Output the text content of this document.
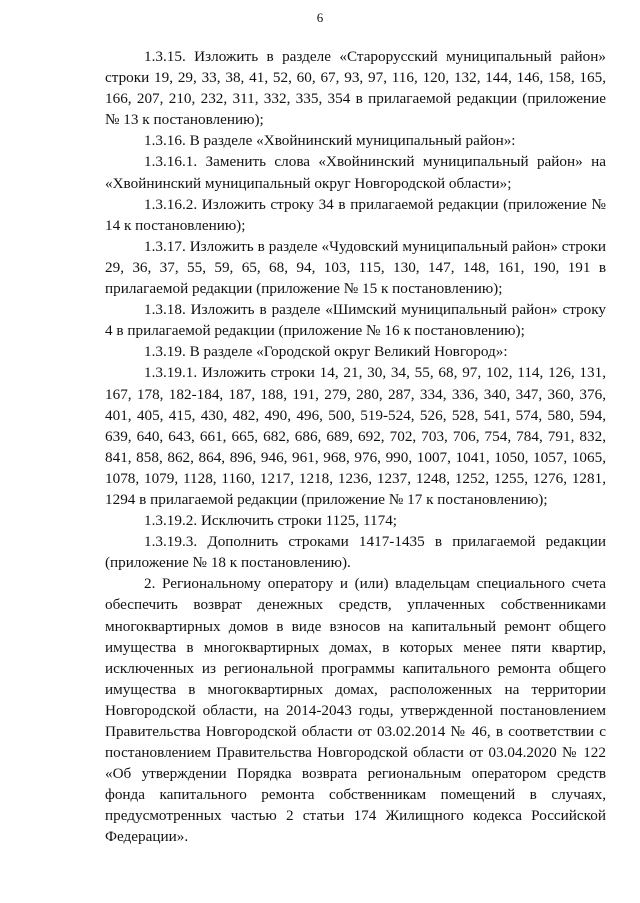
6

1.3.15. Изложить в разделе «Старорусский муниципальный район» строки 19, 29, 33, 38, 41, 52, 60, 67, 93, 97, 116, 120, 132, 144, 146, 158, 165, 166, 207, 210, 232, 311, 332, 335, 354 в прилагаемой редакции (приложение № 13 к постановлению);

1.3.16. В разделе «Хвойнинский муниципальный район»:

1.3.16.1. Заменить слова «Хвойнинский муниципальный район» на «Хвойнинский муниципальный округ Новгородской области»;

1.3.16.2. Изложить строку 34 в прилагаемой редакции (приложение № 14 к постановлению);

1.3.17. Изложить в разделе «Чудовский муниципальный район» строки 29, 36, 37, 55, 59, 65, 68, 94, 103, 115, 130, 147, 148, 161, 190, 191 в прилагаемой редакции (приложение № 15 к постановлению);

1.3.18. Изложить в разделе «Шимский муниципальный район» строку 4 в прилагаемой редакции (приложение № 16 к постановлению);

1.3.19. В разделе «Городской округ Великий Новгород»:

1.3.19.1. Изложить строки 14, 21, 30, 34, 55, 68, 97, 102, 114, 126, 131, 167, 178, 182-184, 187, 188, 191, 279, 280, 287, 334, 336, 340, 347, 360, 376, 401, 405, 415, 430, 482, 490, 496, 500, 519-524, 526, 528, 541, 574, 580, 594, 639, 640, 643, 661, 665, 682, 686, 689, 692, 702, 703, 706, 754, 784, 791, 832, 841, 858, 862, 864, 896, 946, 961, 968, 976, 990, 1007, 1041, 1050, 1057, 1065, 1078, 1079, 1128, 1160, 1217, 1218, 1236, 1237, 1248, 1252, 1255, 1276, 1281, 1294 в прилагаемой редакции (приложение № 17 к постановлению);

1.3.19.2. Исключить строки 1125, 1174;

1.3.19.3. Дополнить строками 1417-1435 в прилагаемой редакции (приложение № 18 к постановлению).

2. Региональному оператору и (или) владельцам специального счета обеспечить возврат денежных средств, уплаченных собственниками многоквартирных домов в виде взносов на капитальный ремонт общего имущества в многоквартирных домах, в которых менее пяти квартир, исключенных из региональной программы капитального ремонта общего имущества в многоквартирных домах, расположенных на территории Новгородской области, на 2014-2043 годы, утвержденной постановлением Правительства Новгородской области от 03.02.2014 № 46, в соответствии с постановлением Правительства Новгородской области от 03.04.2020 № 122 «Об утверждении Порядка возврата региональным оператором средств фонда капитального ремонта собственникам помещений в случаях, предусмотренных частью 2 статьи 174 Жилищного кодекса Российской Федерации».
